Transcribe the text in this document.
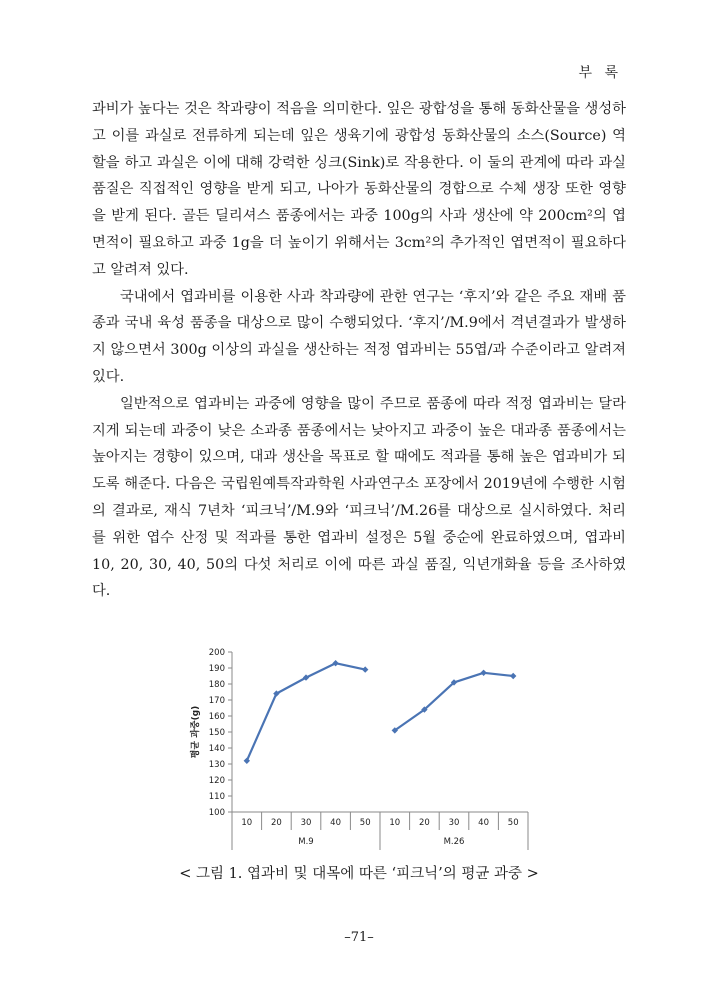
부 록

과비가 높다는 것은 착과량이 적음을 의미한다. 잎은 광합성을 통해 동화산물을 생성하고 이를 과실로 전류하게 되는데 잎은 생육기에 광합성 동화산물의 소스(Source) 역할을 하고 과실은 이에 대해 강력한 싱크(Sink)로 작용한다. 이 둘의 관계에 따라 과실 품질은 직접적인 영향을 받게 되고, 나아가 동화산물의 경합으로 수체 생장 또한 영향을 받게 된다. 골든 딜리셔스 품종에서는 과중 100g의 사과 생산에 약 200cm²의 엽면적이 필요하고 과중 1g을 더 높이기 위해서는 3cm²의 추가적인 엽면적이 필요하다고 알려져 있다.

국내에서 엽과비를 이용한 사과 착과량에 관한 연구는 ‘후지’와 같은 주요 재배 품종과 국내 육성 품종을 대상으로 많이 수행되었다. ‘후지’/M.9에서 격년결과가 발생하지 않으면서 300g 이상의 과실을 생산하는 적정 엽과비는 55엽/과 수준이라고 알려져 있다.

일반적으로 엽과비는 과중에 영향을 많이 주므로 품종에 따라 적정 엽과비는 달라지게 되는데 과중이 낮은 소과종 품종에서는 낮아지고 과중이 높은 대과종 품종에서는 높아지는 경향이 있으며, 대과 생산을 목표로 할 때에도 적과를 통해 높은 엽과비가 되도록 해준다. 다음은 국립원예특작과학원 사과연구소 포장에서 2019년에 수행한 시험의 결과로, 재식 7년차 ‘피크닉’/M.9와 ‘피크닉’/M.26를 대상으로 실시하였다. 처리를 위한 엽수 산정 및 적과를 통한 엽과비 설정은 5월 중순에 완료하였으며, 엽과비 10, 20, 30, 40, 50의 다섯 처리로 이에 따른 과실 품질, 익년개화율 등을 조사하였다.

100
110
120
130
140
150
160
170
180
190
200
평균 과중(g)
10 20 30 40 50
M.9
10 20 30 40 50
M.26
< 그림 1. 엽과비 및 대목에 따른 ‘피크닉’의 평균 과중 >
–71–
